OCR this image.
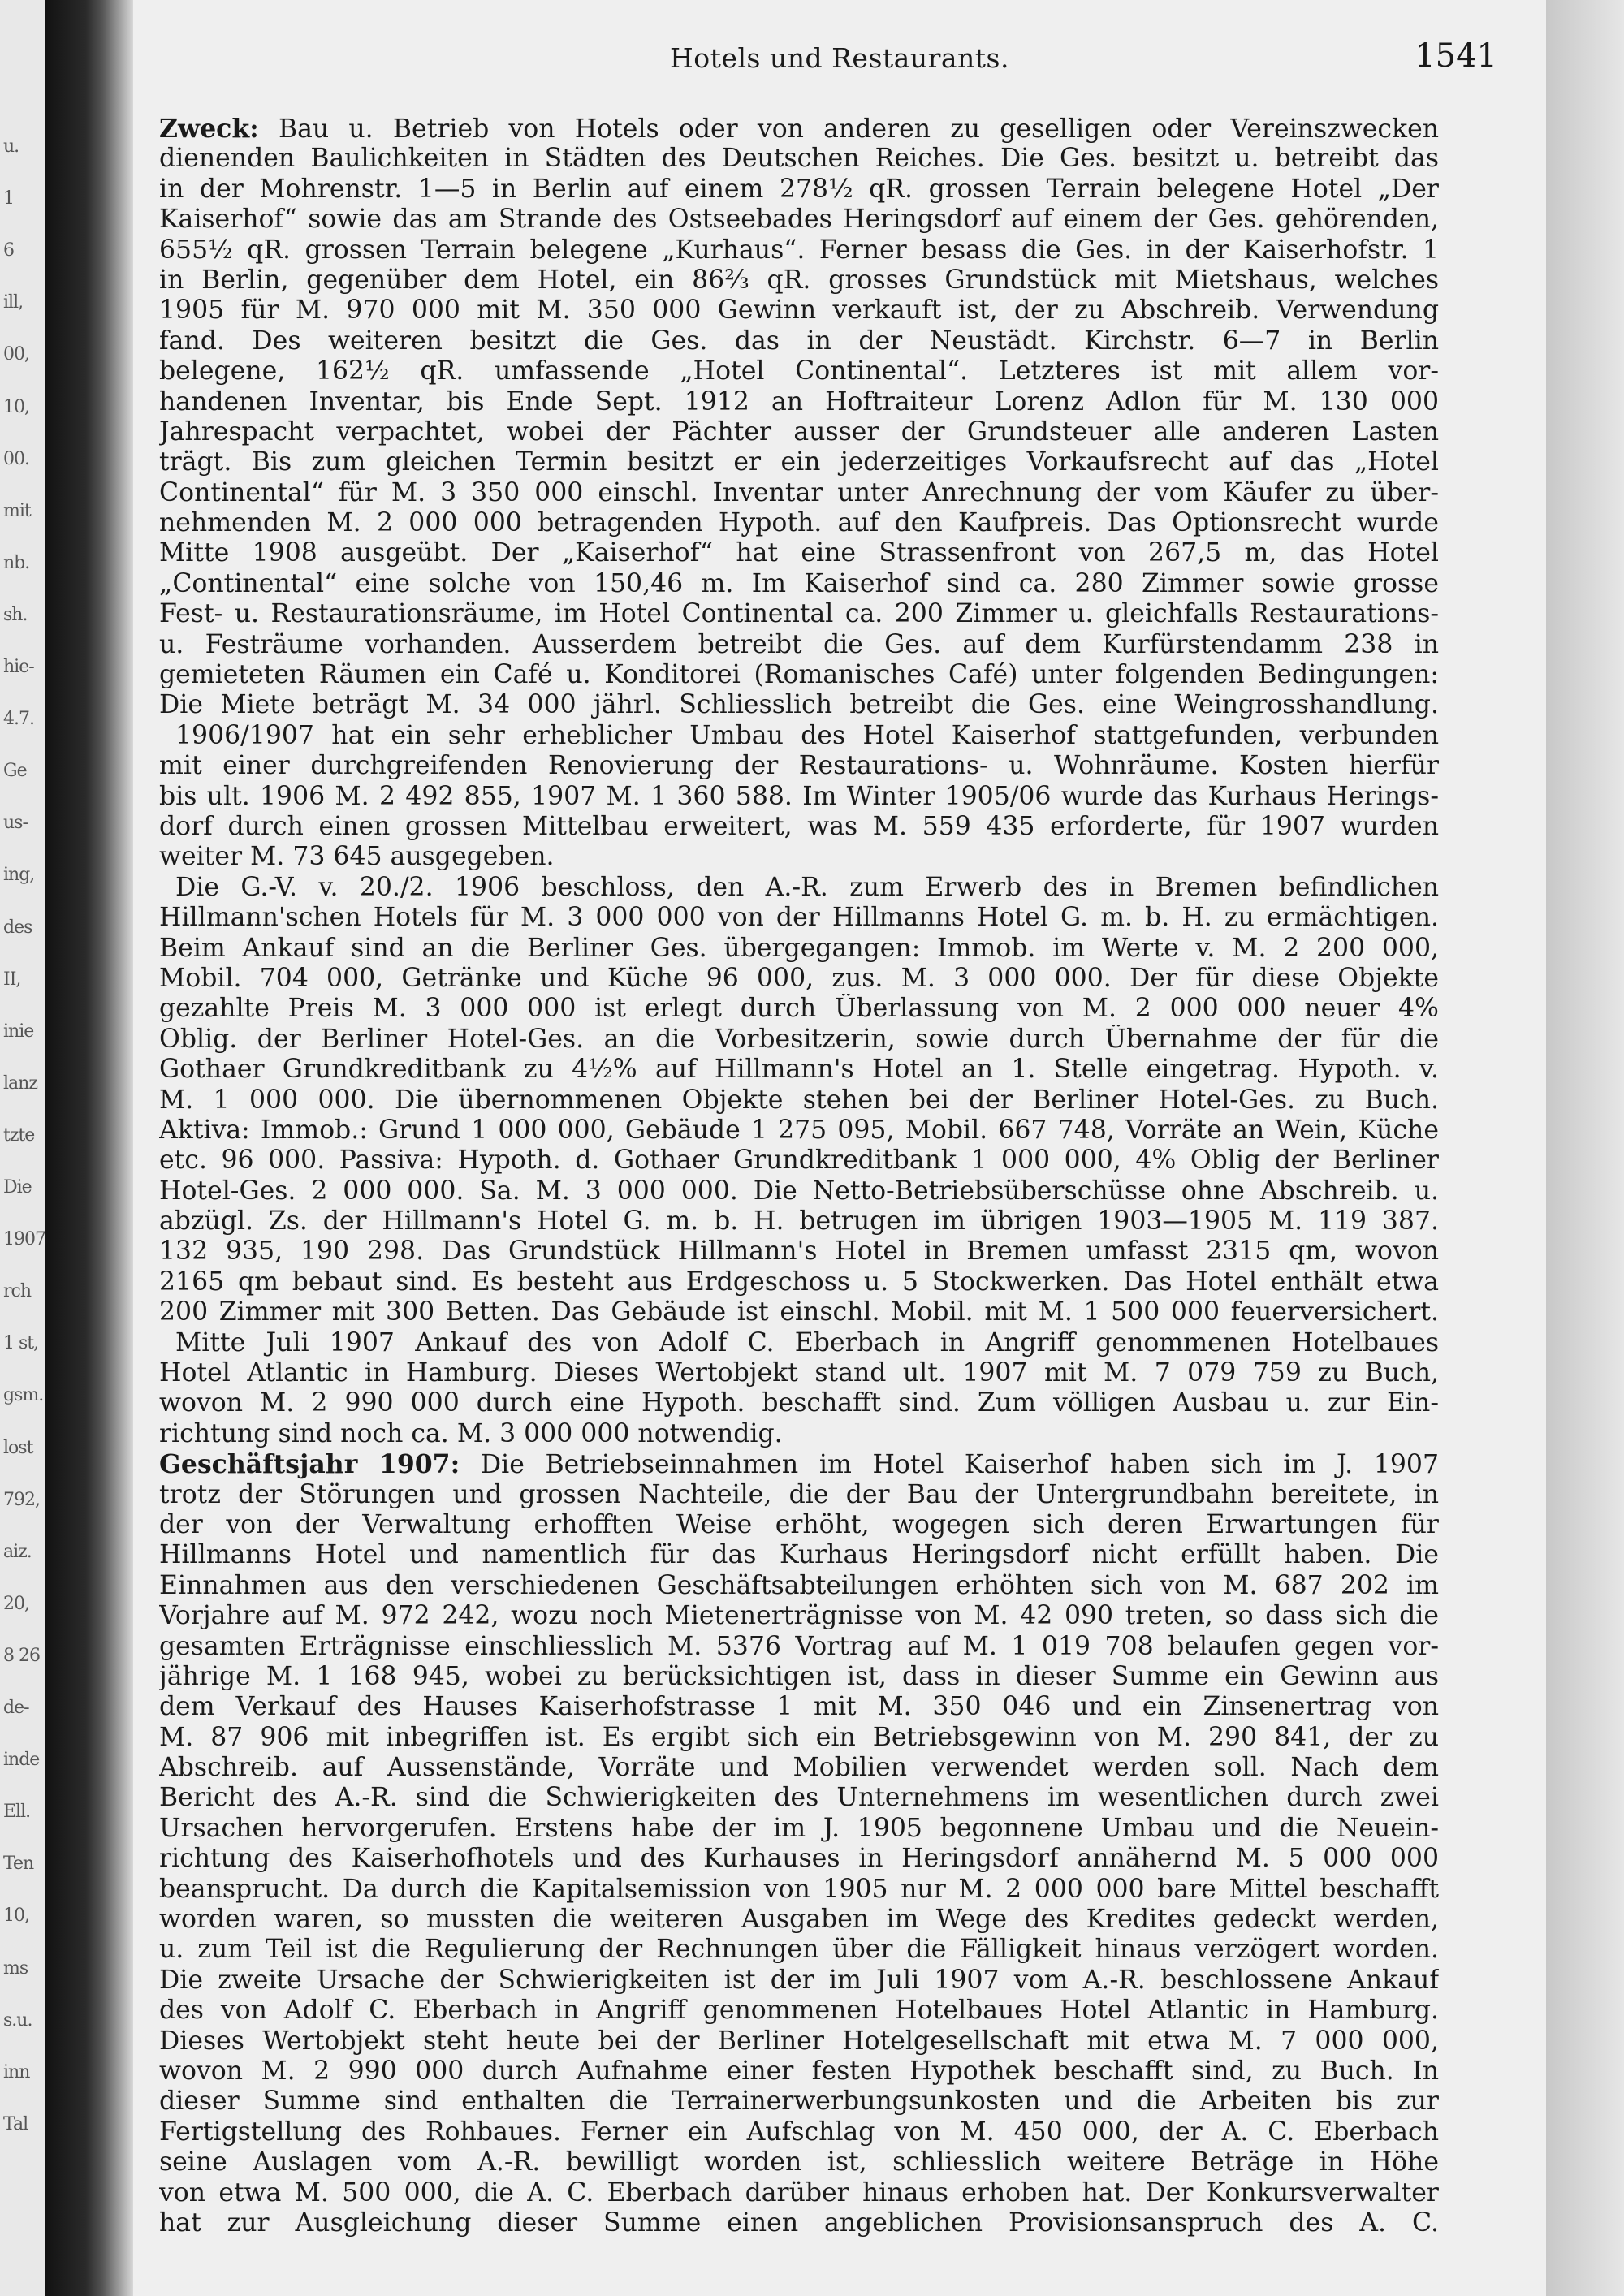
u.
1
6
ill,
00,
10,
00.
mit
nb.
sh.
hie-
4.7.
Ge
us-
ing,
des
II,
inie
lanz
tzte
Die
1907
rch
1 st,
gsm.
lost
792,
aiz.
20,
8 26
de-
inde
Ell.
Ten
10,
ms
s.u.
inn
Tal
Hotels und Restaurants.	1541
Zweck: Bau u. Betrieb von Hotels oder von anderen zu geselligen oder Vereinszwecken
dienenden Baulichkeiten in Städten des Deutschen Reiches. Die Ges. besitzt u. betreibt das
in der Mohrenstr. 1—5 in Berlin auf einem 278½ qR. grossen Terrain belegene Hotel „Der
Kaiserhof“ sowie das am Strande des Ostseebades Heringsdorf auf einem der Ges. gehörenden,
655½ qR. grossen Terrain belegene „Kurhaus“. Ferner besass die Ges. in der Kaiserhofstr. 1
in Berlin, gegenüber dem Hotel, ein 86⅔ qR. grosses Grundstück mit Mietshaus, welches
1905 für M. 970 000 mit M. 350 000 Gewinn verkauft ist, der zu Abschreib. Verwendung
fand. Des weiteren besitzt die Ges. das in der Neustädt. Kirchstr. 6—7 in Berlin
belegene, 162½ qR. umfassende „Hotel Continental“. Letzteres ist mit allem vor-
handenen Inventar, bis Ende Sept. 1912 an Hoftraiteur Lorenz Adlon für M. 130 000
Jahrespacht verpachtet, wobei der Pächter ausser der Grundsteuer alle anderen Lasten
trägt. Bis zum gleichen Termin besitzt er ein jederzeitiges Vorkaufsrecht auf das „Hotel
Continental“ für M. 3 350 000 einschl. Inventar unter Anrechnung der vom Käufer zu über-
nehmenden M. 2 000 000 betragenden Hypoth. auf den Kaufpreis. Das Optionsrecht wurde
Mitte 1908 ausgeübt. Der „Kaiserhof“ hat eine Strassenfront von 267,5 m, das Hotel
„Continental“ eine solche von 150,46 m. Im Kaiserhof sind ca. 280 Zimmer sowie grosse
Fest- u. Restaurationsräume, im Hotel Continental ca. 200 Zimmer u. gleichfalls Restaurations-
u. Festräume vorhanden. Ausserdem betreibt die Ges. auf dem Kurfürstendamm 238 in
gemieteten Räumen ein Café u. Konditorei (Romanisches Café) unter folgenden Bedingungen:
Die Miete beträgt M. 34 000 jährl. Schliesslich betreibt die Ges. eine Weingrosshandlung.
1906/1907 hat ein sehr erheblicher Umbau des Hotel Kaiserhof stattgefunden, verbunden
mit einer durchgreifenden Renovierung der Restaurations- u. Wohnräume. Kosten hierfür
bis ult. 1906 M. 2 492 855, 1907 M. 1 360 588. Im Winter 1905/06 wurde das Kurhaus Herings-
dorf durch einen grossen Mittelbau erweitert, was M. 559 435 erforderte, für 1907 wurden
weiter M. 73 645 ausgegeben.
Die G.-V. v. 20./2. 1906 beschloss, den A.-R. zum Erwerb des in Bremen befindlichen
Hillmann'schen Hotels für M. 3 000 000 von der Hillmanns Hotel G. m. b. H. zu ermächtigen.
Beim Ankauf sind an die Berliner Ges. übergegangen: Immob. im Werte v. M. 2 200 000,
Mobil. 704 000, Getränke und Küche 96 000, zus. M. 3 000 000. Der für diese Objekte
gezahlte Preis M. 3 000 000 ist erlegt durch Überlassung von M. 2 000 000 neuer 4%
Oblig. der Berliner Hotel-Ges. an die Vorbesitzerin, sowie durch Übernahme der für die
Gothaer Grundkreditbank zu 4½% auf Hillmann's Hotel an 1. Stelle eingetrag. Hypoth. v.
M. 1 000 000. Die übernommenen Objekte stehen bei der Berliner Hotel-Ges. zu Buch.
Aktiva: Immob.: Grund 1 000 000, Gebäude 1 275 095, Mobil. 667 748, Vorräte an Wein, Küche
etc. 96 000. Passiva: Hypoth. d. Gothaer Grundkreditbank 1 000 000, 4% Oblig der Berliner
Hotel-Ges. 2 000 000. Sa. M. 3 000 000. Die Netto-Betriebsüberschüsse ohne Abschreib. u.
abzügl. Zs. der Hillmann's Hotel G. m. b. H. betrugen im übrigen 1903—1905 M. 119 387.
132 935, 190 298. Das Grundstück Hillmann's Hotel in Bremen umfasst 2315 qm, wovon
2165 qm bebaut sind. Es besteht aus Erdgeschoss u. 5 Stockwerken. Das Hotel enthält etwa
200 Zimmer mit 300 Betten. Das Gebäude ist einschl. Mobil. mit M. 1 500 000 feuerversichert.
Mitte Juli 1907 Ankauf des von Adolf C. Eberbach in Angriff genommenen Hotelbaues
Hotel Atlantic in Hamburg. Dieses Wertobjekt stand ult. 1907 mit M. 7 079 759 zu Buch,
wovon M. 2 990 000 durch eine Hypoth. beschafft sind. Zum völligen Ausbau u. zur Ein-
richtung sind noch ca. M. 3 000 000 notwendig.
Geschäftsjahr 1907: Die Betriebseinnahmen im Hotel Kaiserhof haben sich im J. 1907
trotz der Störungen und grossen Nachteile, die der Bau der Untergrundbahn bereitete, in
der von der Verwaltung erhofften Weise erhöht, wogegen sich deren Erwartungen für
Hillmanns Hotel und namentlich für das Kurhaus Heringsdorf nicht erfüllt haben. Die
Einnahmen aus den verschiedenen Geschäftsabteilungen erhöhten sich von M. 687 202 im
Vorjahre auf M. 972 242, wozu noch Mietenerträgnisse von M. 42 090 treten, so dass sich die
gesamten Erträgnisse einschliesslich M. 5376 Vortrag auf M. 1 019 708 belaufen gegen vor-
jährige M. 1 168 945, wobei zu berücksichtigen ist, dass in dieser Summe ein Gewinn aus
dem Verkauf des Hauses Kaiserhofstrasse 1 mit M. 350 046 und ein Zinsenertrag von
M. 87 906 mit inbegriffen ist. Es ergibt sich ein Betriebsgewinn von M. 290 841, der zu
Abschreib. auf Aussenstände, Vorräte und Mobilien verwendet werden soll. Nach dem
Bericht des A.-R. sind die Schwierigkeiten des Unternehmens im wesentlichen durch zwei
Ursachen hervorgerufen. Erstens habe der im J. 1905 begonnene Umbau und die Neuein-
richtung des Kaiserhofhotels und des Kurhauses in Heringsdorf annähernd M. 5 000 000
beansprucht. Da durch die Kapitalsemission von 1905 nur M. 2 000 000 bare Mittel beschafft
worden waren, so mussten die weiteren Ausgaben im Wege des Kredites gedeckt werden,
u. zum Teil ist die Regulierung der Rechnungen über die Fälligkeit hinaus verzögert worden.
Die zweite Ursache der Schwierigkeiten ist der im Juli 1907 vom A.-R. beschlossene Ankauf
des von Adolf C. Eberbach in Angriff genommenen Hotelbaues Hotel Atlantic in Hamburg.
Dieses Wertobjekt steht heute bei der Berliner Hotelgesellschaft mit etwa M. 7 000 000,
wovon M. 2 990 000 durch Aufnahme einer festen Hypothek beschafft sind, zu Buch. In
dieser Summe sind enthalten die Terrainerwerbungsunkosten und die Arbeiten bis zur
Fertigstellung des Rohbaues. Ferner ein Aufschlag von M. 450 000, der A. C. Eberbach
seine Auslagen vom A.-R. bewilligt worden ist, schliesslich weitere Beträge in Höhe
von etwa M. 500 000, die A. C. Eberbach darüber hinaus erhoben hat. Der Konkursverwalter
hat zur Ausgleichung dieser Summe einen angeblichen Provisionsanspruch des A. C.
